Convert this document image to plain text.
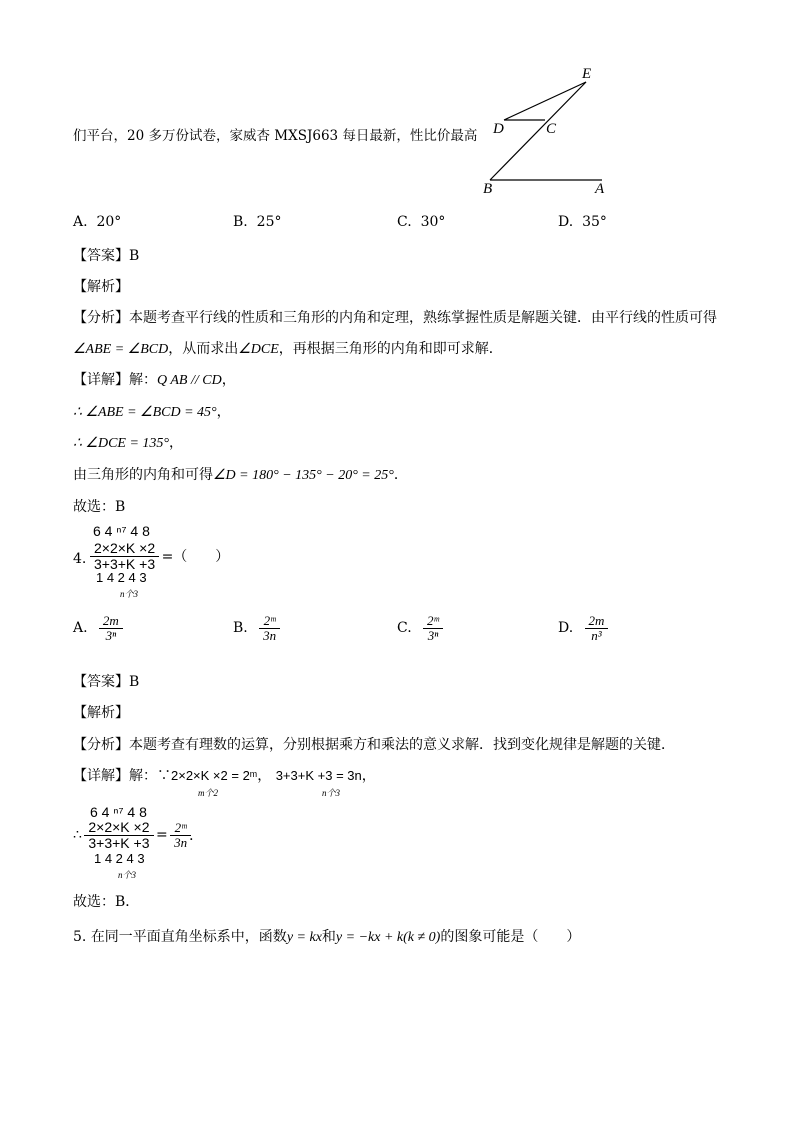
们平台，20 多万份试卷，家威杏 MXSJ663 每日最新，性比价最高
E
D	C
B	A
A. 20°	B. 25°	C. 30°	D. 35°
【答案】B
【解析】
【分析】本题考查平行线的性质和三角形的内角和定理，熟练掌握性质是解题关键．由平行线的性质可得
∠ABE = ∠BCD，从而求出∠DCE，再根据三角形的内角和即可求解．
【详解】解：Q AB // CD，
∴ ∠ABE = ∠BCD = 45°，
∴ ∠DCE = 135°，
由三角形的内角和可得∠D = 180° − 135° − 20° = 25°．
故选：B
6 4 ⁿ⁷ 4 8
4. $\frac{2\times 2\times K \times 2}{3+3+K +3}$ =（　　）
1 4 2 4 3
n个3
A. $\frac{2m}{\text{3ⁿ}}$	B. $\frac{\text{2ᵐ}}{3n}$	C. $\frac{\text{2ᵐ}}{\text{3ⁿ}}$	D. $\frac{2m}{\text{n³}}$
【答案】B
【解析】
【分析】本题考查有理数的运算，分别根据乘方和乘法的意义求解．找到变化规律是解题的关键．
【详解】解：∵2×2×K ×2 = 2ᵐ， 3+3+K +3 = 3n，
m个2	n个3
6 4 ⁿ⁷ 4 8
∴ $\frac{2\times 2\times K \times 2}{3+3+K +3} = \frac{\text{2ᵐ}}{3n}$ ．
1 4 2 4 3
n个3
故选：B．
5. 在同一平面直角坐标系中，函数y = kx和y = −kx + k(k ≠ 0)的图象可能是（　　）
